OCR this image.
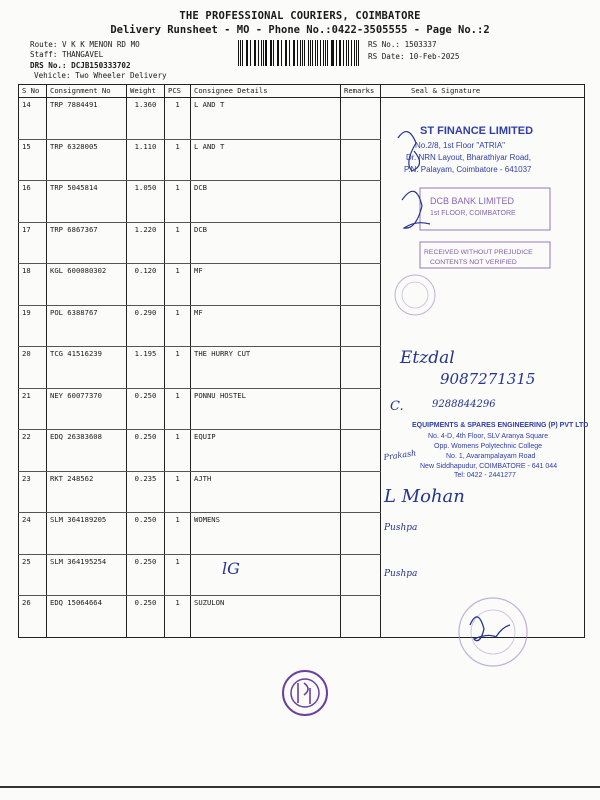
THE PROFESSIONAL COURIERS, COIMBATORE
Delivery Runsheet - MO - Phone No.:0422-3505555 - Page No.:2
Route: V K K MENON RD MO
Staff: THANGAVEL
DRS No.: DCJB150333702
Vehicle: Two Wheeler Delivery
RS No.: 1503337
RS Date: 10-Feb-2025
S No	Consignment No	Weight	PCS	Consignee Details	Remarks	Seal & Signature
14	TRP 7884491	1.360	1	L AND T		
15	TRP 6328005	1.110	1	L AND T		
16	TRP 5045814	1.050	1	DCB		
17	TRP 6867367	1.220	1	DCB		
18	KGL 600080302	0.120	1	MF		
19	POL 6388767	0.290	1	MF		
20	TCG 41516239	1.195	1	THE HURRY CUT		
21	NEY 60077370	0.250	1	PONNU HOSTEL		
22	EDQ 26383608	0.250	1	EQUIP		
23	RKT 248562	0.235	1	AJTH		
24	SLM 364189205	0.250	1	WOMENS		
25	SLM 364195254	0.250	1			
26	EDQ 15064664	0.250	1	SUZULON		
ST FINANCE LIMITED
No.2/8, 1st Floor "ATRIA"
Dr. NRN Layout, Bharathiyar Road,
P.N. Palayam, Coimbatore - 641037
DCB BANK LIMITED
1st FLOOR, COIMBATORE
RECEIVED WITHOUT PREJUDICE
CONTENTS NOT VERIFIED
Etzdal
9087271315
C.	9288844296
EQUIPMENTS & SPARES ENGINEERING (P) PVT LTD
No. 4-D, 4th Floor, SLV Aranya Square
Opp. Womens Polytechnic College
No. 1, Avarampalayam Road
New Siddhapudur, COIMBATORE - 641 044
Tel: 0422 - 2441277
Prakash
L Mohan
Pushpa
lG	Pushpa
